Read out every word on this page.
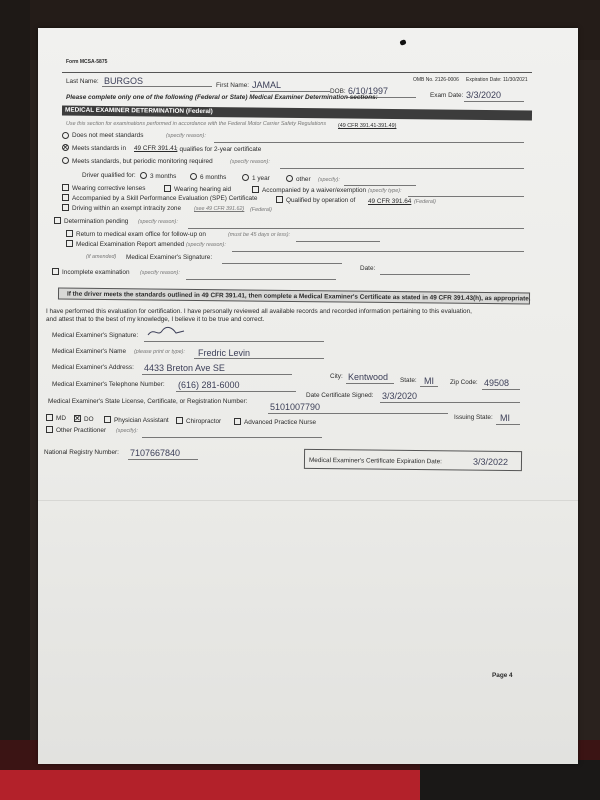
Form MCSA-5875
OMB No. 2126-0006 Expiration Date: 11/30/2021
Last Name: BURGOS	First Name: JAMAL
DOB: 6/10/1997	Exam Date: 3/3/2020
Please complete only one of the following (Federal or State) Medical Examiner Determination sections:
MEDICAL EXAMINER DETERMINATION (Federal)
Use this section for examinations performed in accordance with the Federal Motor Carrier Safety Regulations (49 CFR 391.41-391.49)
Does not meet standards	(specify reason):
✕ Meets standards in 49 CFR 391.41
; qualifies for 2-year certificate
Meets standards, but periodic monitoring required	(specify reason):
Driver qualified for: 3 months	6 months	1 year	other (specify):
Wearing corrective lenses	Wearing hearing aid	Accompanied by a waiver/exemption (specify type):
Accompanied by a Skill Performance Evaluation (SPE) Certificate	Qualified by operation of 49 CFR 391.64 (Federal)
Driving within an exempt intracity zone (see 49 CFR 391.62) (Federal)
Determination pending (specify reason):
Return to medical exam office for follow-up on	(must be 45 days or less):
Medical Examination Report amended (specify reason):
(if amended) Medical Examiner's Signature:
Date:
Incomplete examination (specify reason):
If the driver meets the standards outlined in 49 CFR 391.41, then complete a Medical Examiner's Certificate as stated in 49 CFR 391.43(h), as appropriate.
I have performed this evaluation for certification. I have personally reviewed all available records and recorded information pertaining to this evaluation,
and attest that to the best of my knowledge, I believe it to be true and correct.
Medical Examiner's Signature:
Medical Examiner's Name (please print or type): Fredric Levin
Medical Examiner's Address: 4433 Breton Ave SE
City: Kentwood State: MI	Zip Code: 49508
Medical Examiner's Telephone Number: (616) 281-6000
Date Certificate Signed: 3/3/2020
Medical Examiner's State License, Certificate, or Registration Number:
5101007790
Issuing State: MI
MD ✕ DO	Physician Assistant	Chiropractor	Advanced Practice Nurse
Other Practitioner (specify):
National Registry Number: 7107667840
Medical Examiner's Certificate Expiration Date:	3/3/2022
Page 4
